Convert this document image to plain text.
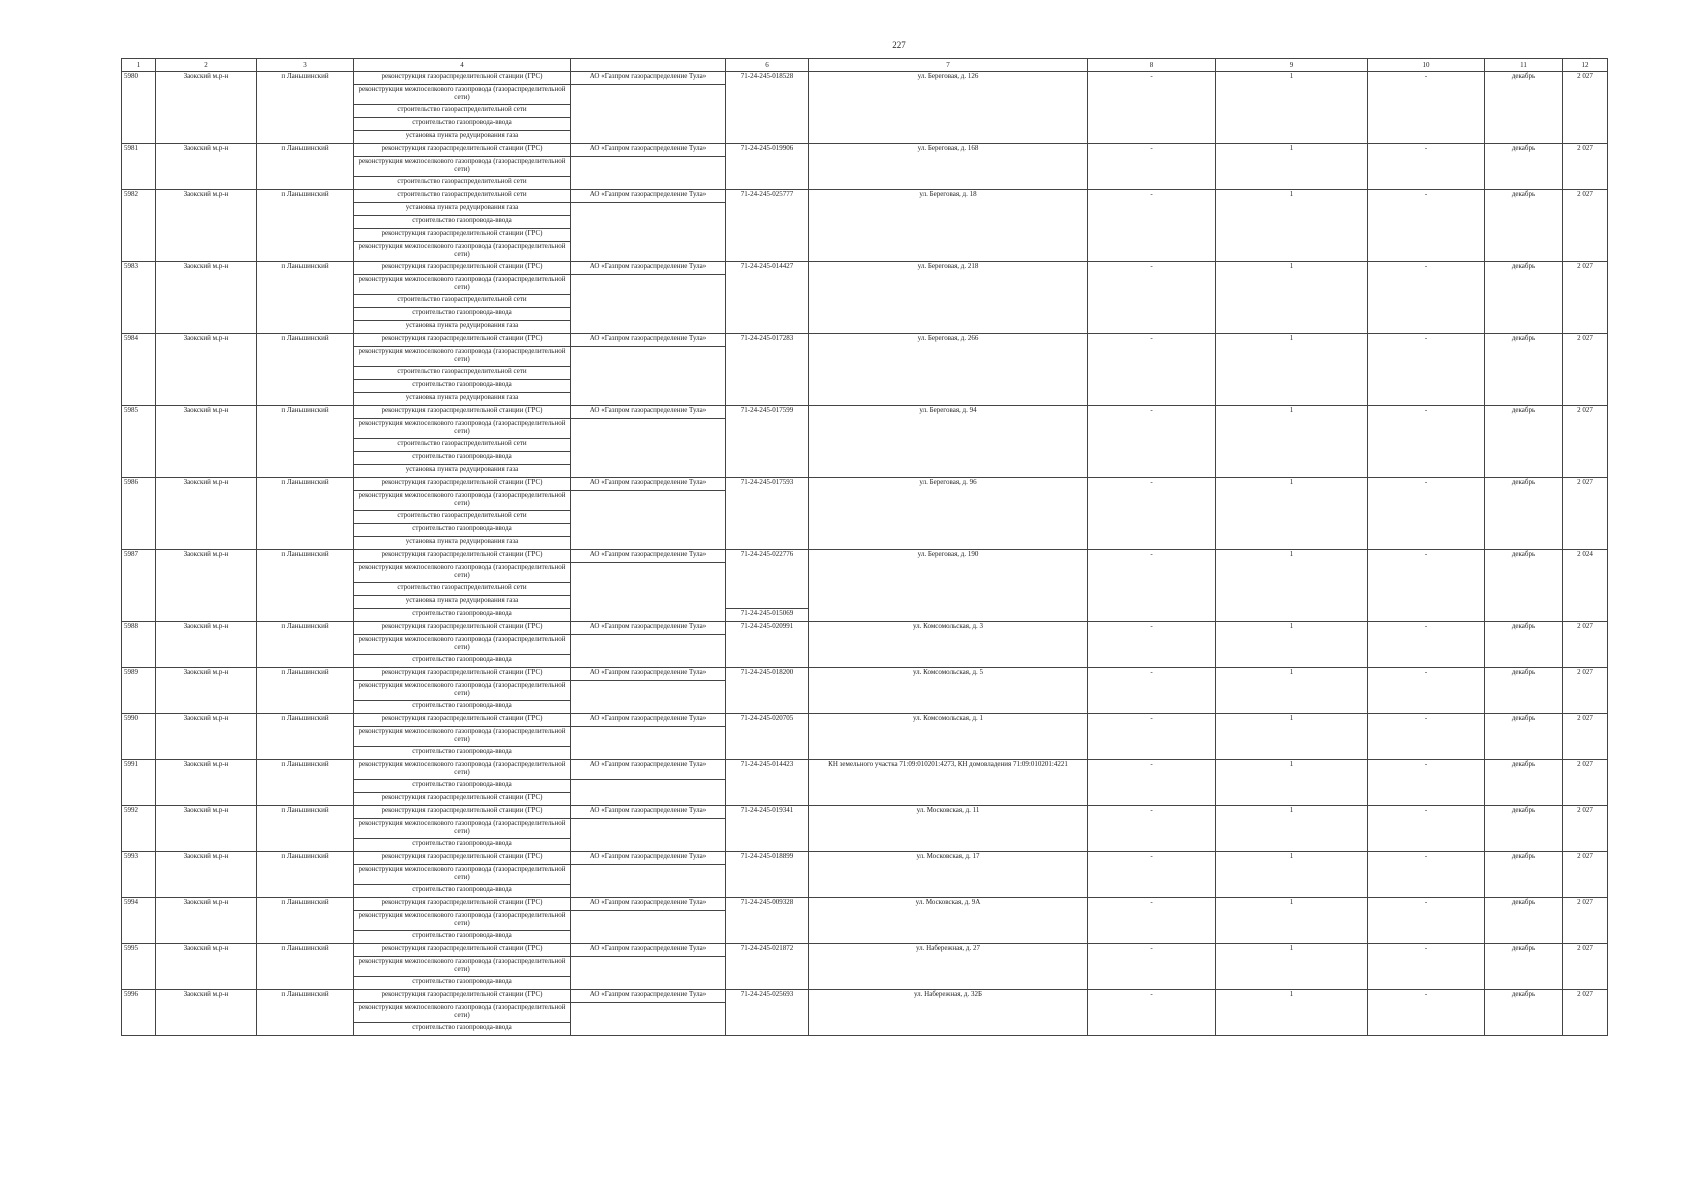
227
1	2	3	4		6	7	8	9	10	11	12
5980	Заокский м.р-н	п Ланьшинский	реконструкция газораспределительной станции (ГРС)	АО «Газпром газораспределение Тула»	71-24-245-018528	ул. Береговая, д. 126	-	1	-	декабрь	2 027
			реконструкция межпоселкового газопровода (газораспределительной сети)								
			строительство газораспределительной сети								
			строительство газопровода-ввода								
			установка пункта редуцирования газа								
5981	Заокский м.р-н	п Ланьшинский	реконструкция газораспределительной станции (ГРС)	АО «Газпром газораспределение Тула»	71-24-245-019906	ул. Береговая, д. 168	-	1	-	декабрь	2 027
			реконструкция межпоселкового газопровода (газораспределительной сети)								
			строительство газораспределительной сети								
5982	Заокский м.р-н	п Ланьшинский	строительство газораспределительной сети	АО «Газпром газораспределение Тула»	71-24-245-025777	ул. Береговая, д. 18	-	1	-	декабрь	2 027
			установка пункта редуцирования газа								
			строительство газопровода-ввода								
			реконструкция газораспределительной станции (ГРС)								
			реконструкция межпоселкового газопровода (газораспределительной сети)								
5983	Заокский м.р-н	п Ланьшинский	реконструкция газораспределительной станции (ГРС)	АО «Газпром газораспределение Тула»	71-24-245-014427	ул. Береговая, д. 218	-	1	-	декабрь	2 027
			реконструкция межпоселкового газопровода (газораспределительной сети)								
			строительство газораспределительной сети								
			строительство газопровода-ввода								
			установка пункта редуцирования газа								
5984	Заокский м.р-н	п Ланьшинский	реконструкция газораспределительной станции (ГРС)	АО «Газпром газораспределение Тула»	71-24-245-017283	ул. Береговая, д. 266	-	1	-	декабрь	2 027
			реконструкция межпоселкового газопровода (газораспределительной сети)								
			строительство газораспределительной сети								
			строительство газопровода-ввода								
			установка пункта редуцирования газа								
5985	Заокский м.р-н	п Ланьшинский	реконструкция газораспределительной станции (ГРС)	АО «Газпром газораспределение Тула»	71-24-245-017599	ул. Береговая, д. 94	-	1	-	декабрь	2 027
			реконструкция межпоселкового газопровода (газораспределительной сети)								
			строительство газораспределительной сети								
			строительство газопровода-ввода								
			установка пункта редуцирования газа								
5986	Заокский м.р-н	п Ланьшинский	реконструкция газораспределительной станции (ГРС)	АО «Газпром газораспределение Тула»	71-24-245-017593	ул. Береговая, д. 96	-	1	-	декабрь	2 027
			реконструкция межпоселкового газопровода (газораспределительной сети)								
			строительство газораспределительной сети								
			строительство газопровода-ввода								
			установка пункта редуцирования газа								
5987	Заокский м.р-н	п Ланьшинский	реконструкция газораспределительной станции (ГРС)	АО «Газпром газораспределение Тула»	71-24-245-022776	ул. Береговая, д. 190	-	1	-	декабрь	2 024
			реконструкция межпоселкового газопровода (газораспределительной сети)								
			строительство газораспределительной сети								
			установка пункта редуцирования газа								
			строительство газопровода-ввода		71-24-245-015069						
5988	Заокский м.р-н	п Ланьшинский	реконструкция газораспределительной станции (ГРС)	АО «Газпром газораспределение Тула»	71-24-245-020991	ул. Комсомольская, д. 3	-	1	-	декабрь	2 027
			реконструкция межпоселкового газопровода (газораспределительной сети)								
			строительство газопровода-ввода								
5989	Заокский м.р-н	п Ланьшинский	реконструкция газораспределительной станции (ГРС)	АО «Газпром газораспределение Тула»	71-24-245-018200	ул. Комсомольская, д. 5	-	1	-	декабрь	2 027
			реконструкция межпоселкового газопровода (газораспределительной сети)								
			строительство газопровода-ввода								
5990	Заокский м.р-н	п Ланьшинский	реконструкция газораспределительной станции (ГРС)	АО «Газпром газораспределение Тула»	71-24-245-020705	ул. Комсомольская, д. 1	-	1	-	декабрь	2 027
			реконструкция межпоселкового газопровода (газораспределительной сети)								
			строительство газопровода-ввода								
5991	Заокский м.р-н	п Ланьшинский	реконструкция межпоселкового газопровода (газораспределительной сети)	АО «Газпром газораспределение Тула»	71-24-245-014423	КН земельного участка 71:09:010201:4273, КН домовладения 71:09:010201:4221	-	1	-	декабрь	2 027
			строительство газопровода-ввода								
			реконструкция газораспределительной станции (ГРС)								
5992	Заокский м.р-н	п Ланьшинский	реконструкция газораспределительной станции (ГРС)	АО «Газпром газораспределение Тула»	71-24-245-019341	ул. Московская, д. 11	-	1	-	декабрь	2 027
			реконструкция межпоселкового газопровода (газораспределительной сети)								
			строительство газопровода-ввода								
5993	Заокский м.р-н	п Ланьшинский	реконструкция газораспределительной станции (ГРС)	АО «Газпром газораспределение Тула»	71-24-245-018899	ул. Московская, д. 17	-	1	-	декабрь	2 027
			реконструкция межпоселкового газопровода (газораспределительной сети)								
			строительство газопровода-ввода								
5994	Заокский м.р-н	п Ланьшинский	реконструкция газораспределительной станции (ГРС)	АО «Газпром газораспределение Тула»	71-24-245-009328	ул. Московская, д. 9А	-	1	-	декабрь	2 027
			реконструкция межпоселкового газопровода (газораспределительной сети)								
			строительство газопровода-ввода								
5995	Заокский м.р-н	п Ланьшинский	реконструкция газораспределительной станции (ГРС)	АО «Газпром газораспределение Тула»	71-24-245-021872	ул. Набережная, д. 27	-	1	-	декабрь	2 027
			реконструкция межпоселкового газопровода (газораспределительной сети)								
			строительство газопровода-ввода								
5996	Заокский м.р-н	п Ланьшинский	реконструкция газораспределительной станции (ГРС)	АО «Газпром газораспределение Тула»	71-24-245-025693	ул. Набережная, д. 32Б	-	1	-	декабрь	2 027
			реконструкция межпоселкового газопровода (газораспределительной сети)								
			строительство газопровода-ввода								
